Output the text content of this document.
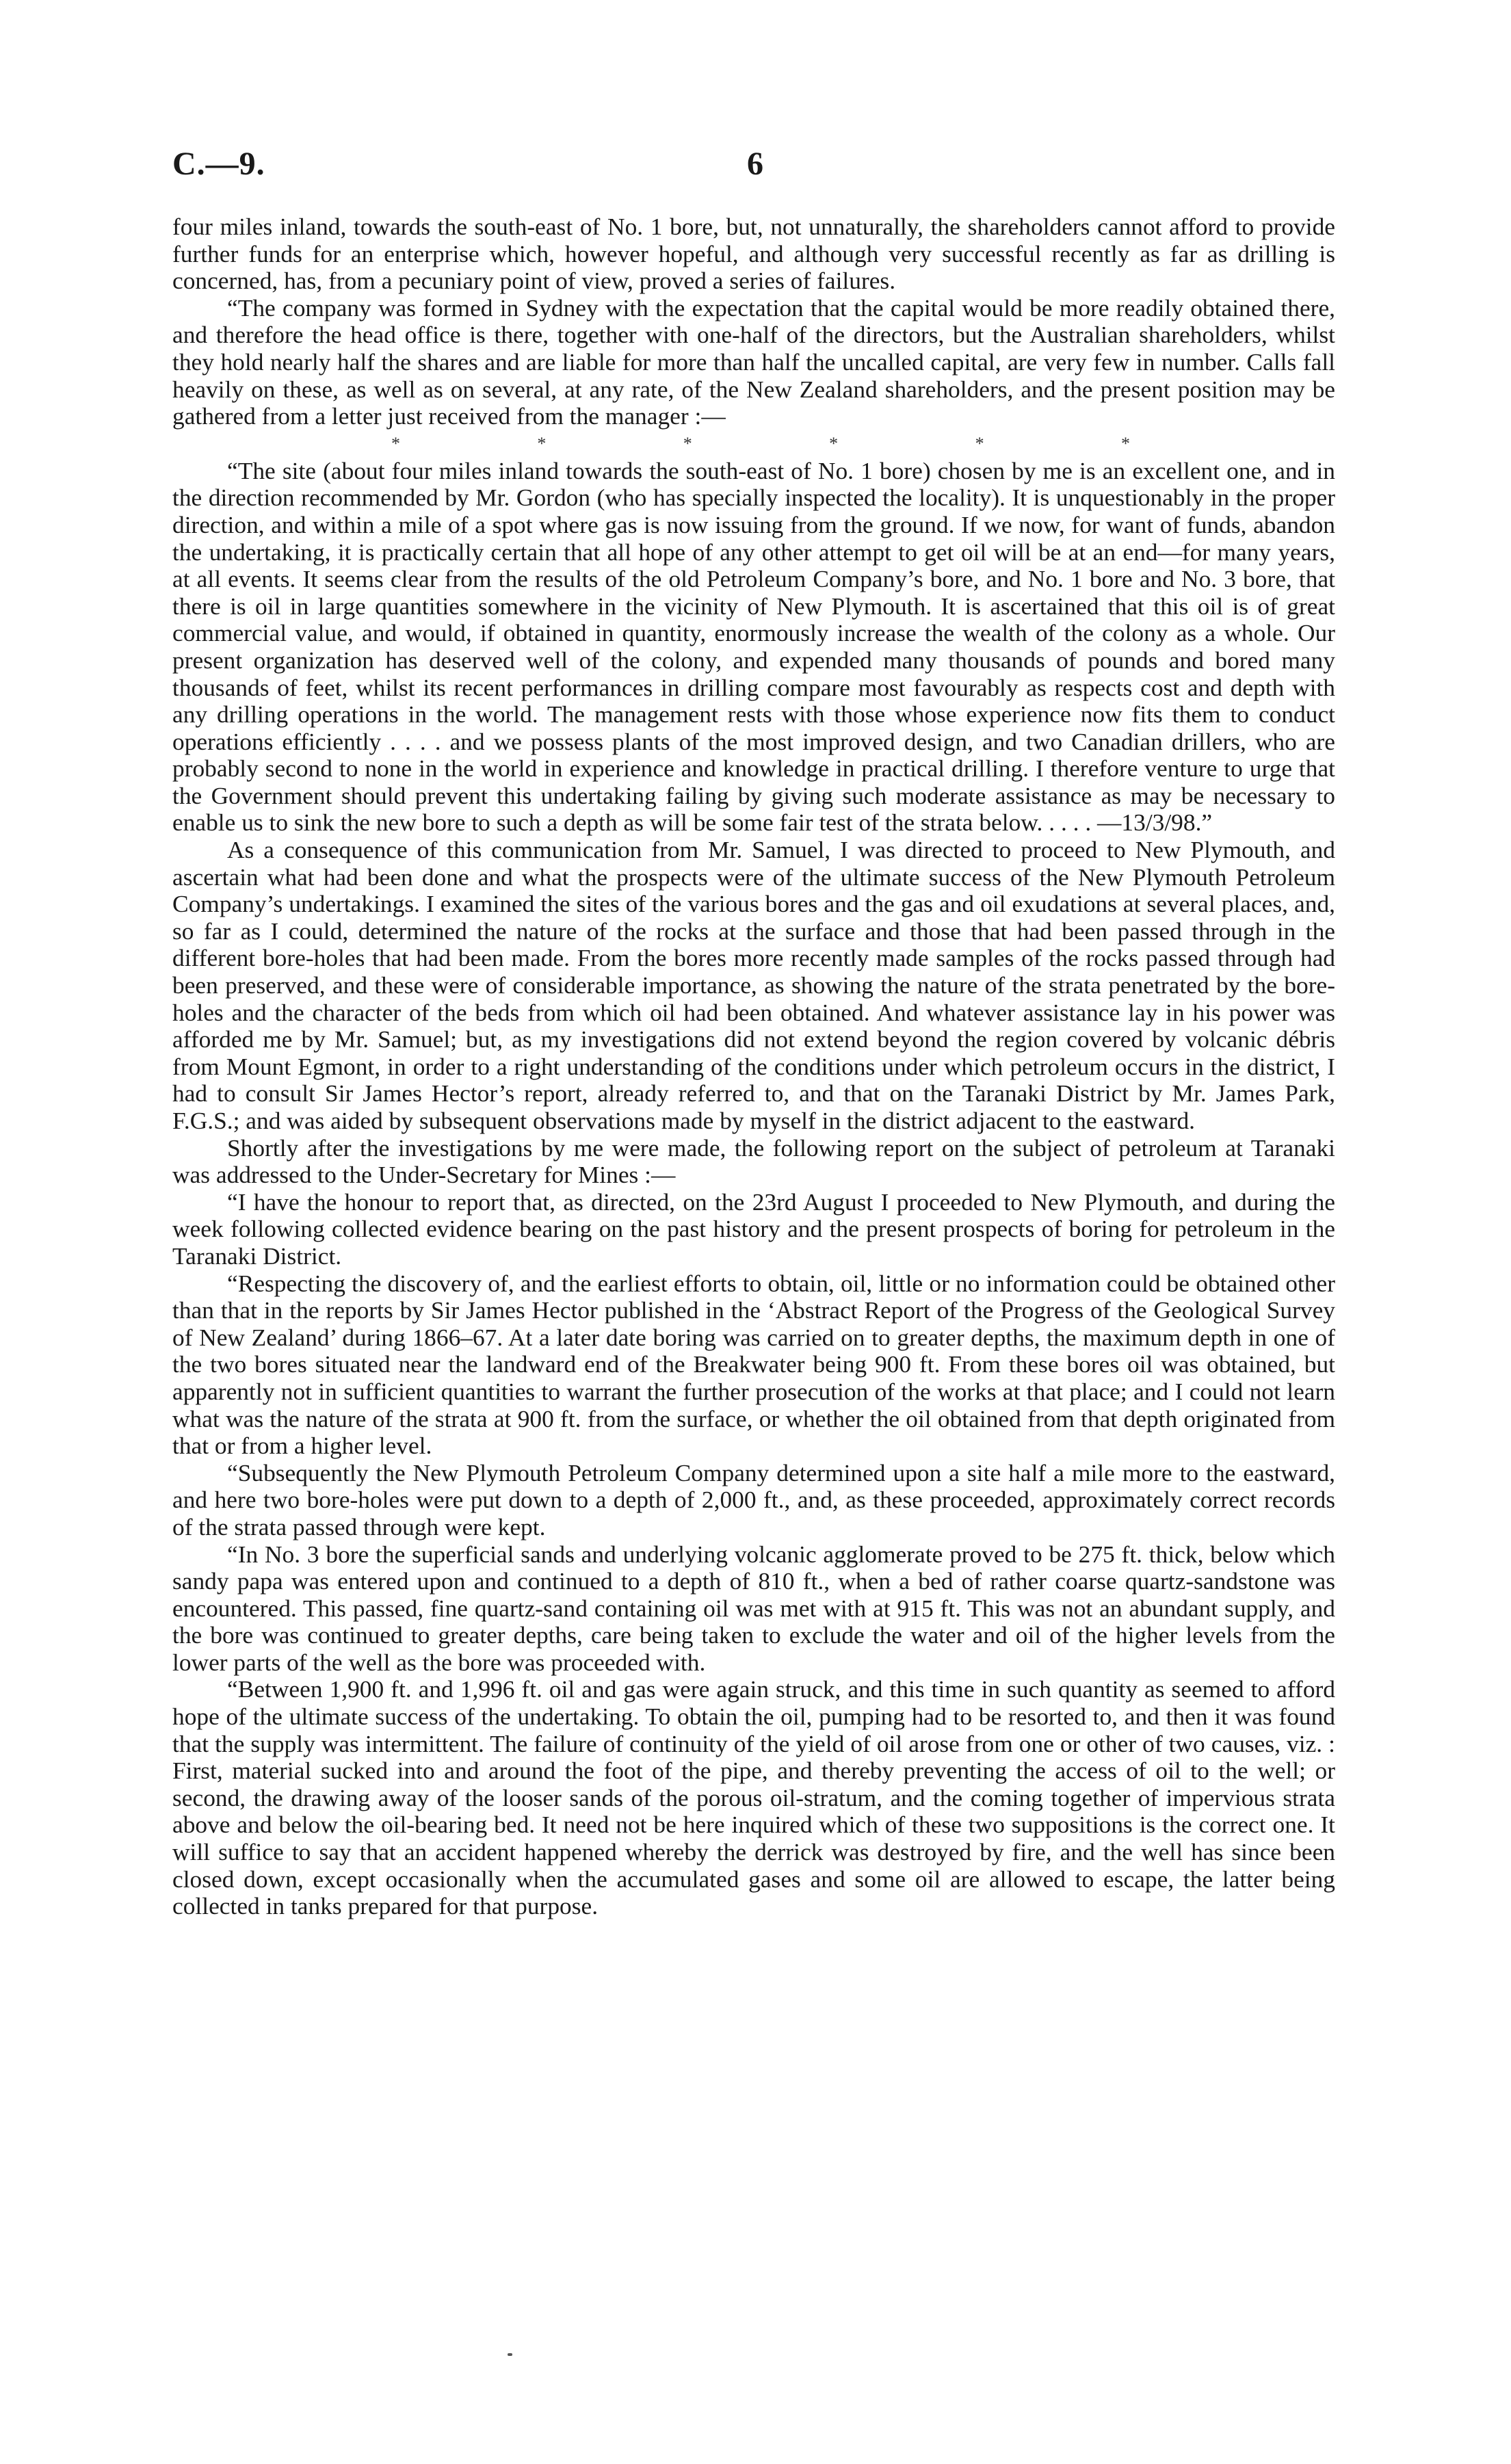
C.—9.	6

four miles inland, towards the south-east of No. 1 bore, but, not unnaturally, the shareholders cannot afford to provide further funds for an enterprise which, however hopeful, and although very successful recently as far as drilling is concerned, has, from a pecuniary point of view, proved a series of failures.

“The company was formed in Sydney with the expectation that the capital would be more readily obtained there, and therefore the head office is there, together with one-half of the directors, but the Australian shareholders, whilst they hold nearly half the shares and are liable for more than half the uncalled capital, are very few in number. Calls fall heavily on these, as well as on several, at any rate, of the New Zealand shareholders, and the present position may be gathered from a letter just received from the manager :—

*	*	*	*	*	*

“The site (about four miles inland towards the south-east of No. 1 bore) chosen by me is an excellent one, and in the direction recommended by Mr. Gordon (who has specially inspected the locality). It is unquestionably in the proper direction, and within a mile of a spot where gas is now issuing from the ground. If we now, for want of funds, abandon the undertaking, it is practically certain that all hope of any other attempt to get oil will be at an end—for many years, at all events. It seems clear from the results of the old Petroleum Company’s bore, and No. 1 bore and No. 3 bore, that there is oil in large quantities somewhere in the vicinity of New Plymouth. It is ascertained that this oil is of great commercial value, and would, if obtained in quantity, enormously increase the wealth of the colony as a whole. Our present organization has deserved well of the colony, and expended many thousands of pounds and bored many thousands of feet, whilst its recent performances in drilling compare most favourably as respects cost and depth with any drilling operations in the world. The management rests with those whose experience now fits them to conduct operations efficiently . . . . and we possess plants of the most improved design, and two Canadian drillers, who are probably second to none in the world in experience and knowledge in practical drilling. I therefore venture to urge that the Government should prevent this undertaking failing by giving such moderate assistance as may be necessary to enable us to sink the new bore to such a depth as will be some fair test of the strata below. . . . . —13/3/98.”

As a consequence of this communication from Mr. Samuel, I was directed to proceed to New Plymouth, and ascertain what had been done and what the prospects were of the ultimate success of the New Plymouth Petroleum Company’s undertakings. I examined the sites of the various bores and the gas and oil exudations at several places, and, so far as I could, determined the nature of the rocks at the surface and those that had been passed through in the different bore-holes that had been made. From the bores more recently made samples of the rocks passed through had been preserved, and these were of considerable importance, as showing the nature of the strata penetrated by the bore-holes and the character of the beds from which oil had been obtained. And whatever assistance lay in his power was afforded me by Mr. Samuel; but, as my investigations did not extend beyond the region covered by volcanic débris from Mount Egmont, in order to a right understanding of the conditions under which petroleum occurs in the district, I had to consult Sir James Hector’s report, already referred to, and that on the Taranaki District by Mr. James Park, F.G.S.; and was aided by subsequent observations made by myself in the district adjacent to the eastward.

Shortly after the investigations by me were made, the following report on the subject of petroleum at Taranaki was addressed to the Under-Secretary for Mines :—

“I have the honour to report that, as directed, on the 23rd August I proceeded to New Plymouth, and during the week following collected evidence bearing on the past history and the present prospects of boring for petroleum in the Taranaki District.

“Respecting the discovery of, and the earliest efforts to obtain, oil, little or no information could be obtained other than that in the reports by Sir James Hector published in the ‘Abstract Report of the Progress of the Geological Survey of New Zealand’ during 1866–67. At a later date boring was carried on to greater depths, the maximum depth in one of the two bores situated near the landward end of the Breakwater being 900 ft. From these bores oil was obtained, but apparently not in sufficient quantities to warrant the further prosecution of the works at that place; and I could not learn what was the nature of the strata at 900 ft. from the surface, or whether the oil obtained from that depth originated from that or from a higher level.

“Subsequently the New Plymouth Petroleum Company determined upon a site half a mile more to the eastward, and here two bore-holes were put down to a depth of 2,000 ft., and, as these proceeded, approximately correct records of the strata passed through were kept.

“In No. 3 bore the superficial sands and underlying volcanic agglomerate proved to be 275 ft. thick, below which sandy papa was entered upon and continued to a depth of 810 ft., when a bed of rather coarse quartz-sandstone was encountered. This passed, fine quartz-sand containing oil was met with at 915 ft. This was not an abundant supply, and the bore was continued to greater depths, care being taken to exclude the water and oil of the higher levels from the lower parts of the well as the bore was proceeded with.

“Between 1,900 ft. and 1,996 ft. oil and gas were again struck, and this time in such quantity as seemed to afford hope of the ultimate success of the undertaking. To obtain the oil, pumping had to be resorted to, and then it was found that the supply was intermittent. The failure of continuity of the yield of oil arose from one or other of two causes, viz. : First, material sucked into and around the foot of the pipe, and thereby preventing the access of oil to the well; or second, the drawing away of the looser sands of the porous oil-stratum, and the coming together of impervious strata above and below the oil-bearing bed. It need not be here inquired which of these two suppositions is the correct one. It will suffice to say that an accident happened whereby the derrick was destroyed by fire, and the well has since been closed down, except occasionally when the accumulated gases and some oil are allowed to escape, the latter being collected in tanks prepared for that purpose.
